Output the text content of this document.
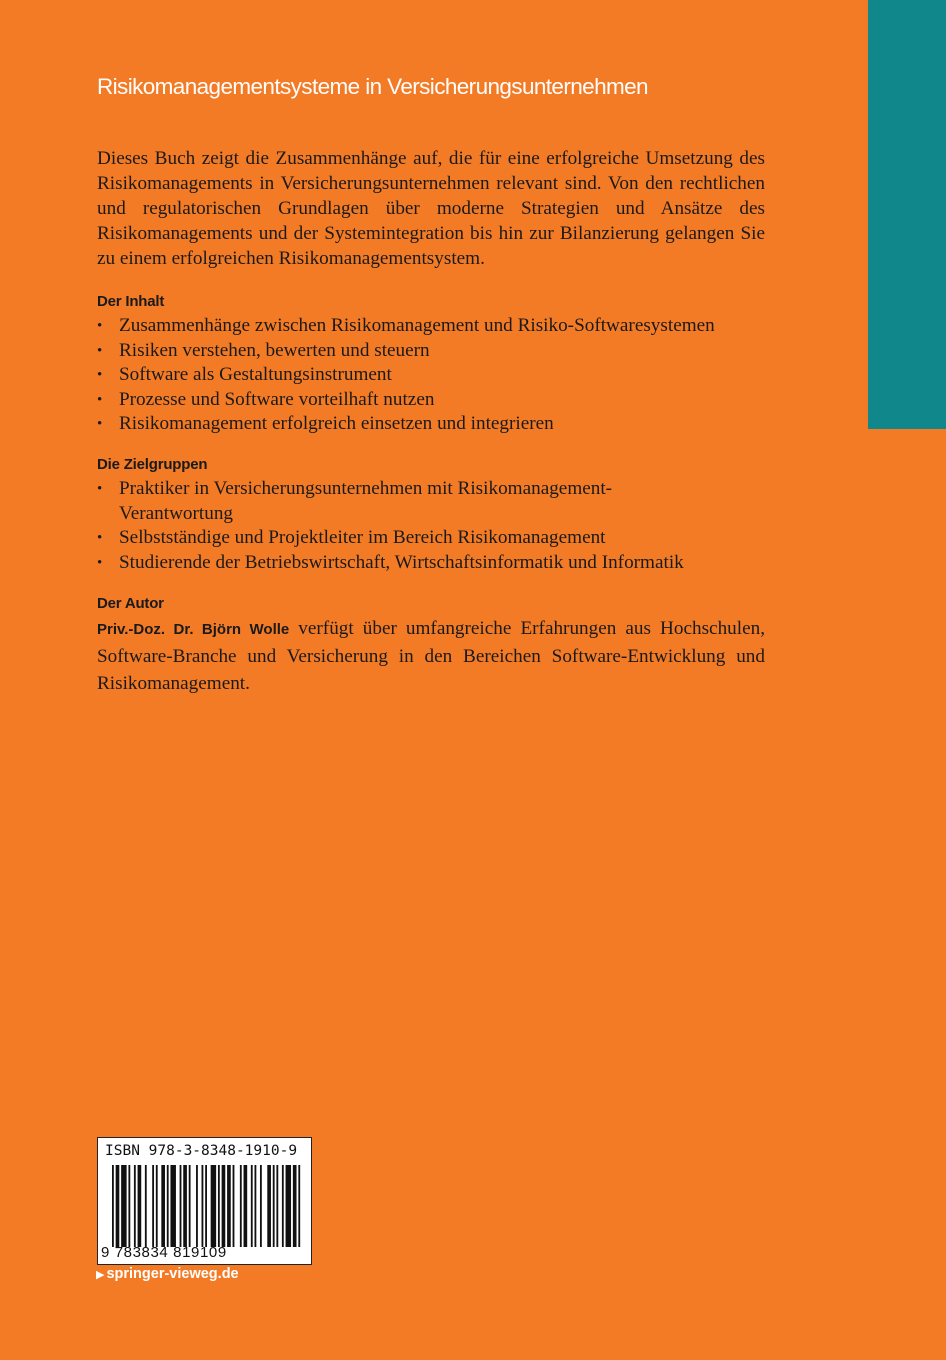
Risikomanagementsysteme in Versicherungsunternehmen

Dieses Buch zeigt die Zusammenhänge auf, die für eine erfolgreiche Umsetzung des Risikomanagements in Versicherungsunternehmen relevant sind. Von den rechtlichen und regulatorischen Grundlagen über moderne Strategien und Ansätze des Risikomanagements und der Systemintegration bis hin zur Bilanzierung gelangen Sie zu einem erfolgreichen Risikomanagementsystem.

Der Inhalt
• Zusammenhänge zwischen Risikomanagement und Risiko-Softwaresystemen
• Risiken verstehen, bewerten und steuern
• Software als Gestaltungsinstrument
• Prozesse und Software vorteilhaft nutzen
• Risikomanagement erfolgreich einsetzen und integrieren
Die Zielgruppen
• Praktiker in Versicherungsunternehmen mit Risikomanagement-Verantwortung
• Selbstständige und Projektleiter im Bereich Risikomanagement
• Studierende der Betriebswirtschaft, Wirtschaftsinformatik und Informatik
Der Autor

Priv.-Doz. Dr. Björn Wolle verfügt über umfangreiche Erfahrungen aus Hochschulen, Software-Branche und Versicherung in den Bereichen Software-Entwicklung und Risikomanagement.

ISBN 978-3-8348-1910-9
9 783834 819109
▶ springer-vieweg.de
